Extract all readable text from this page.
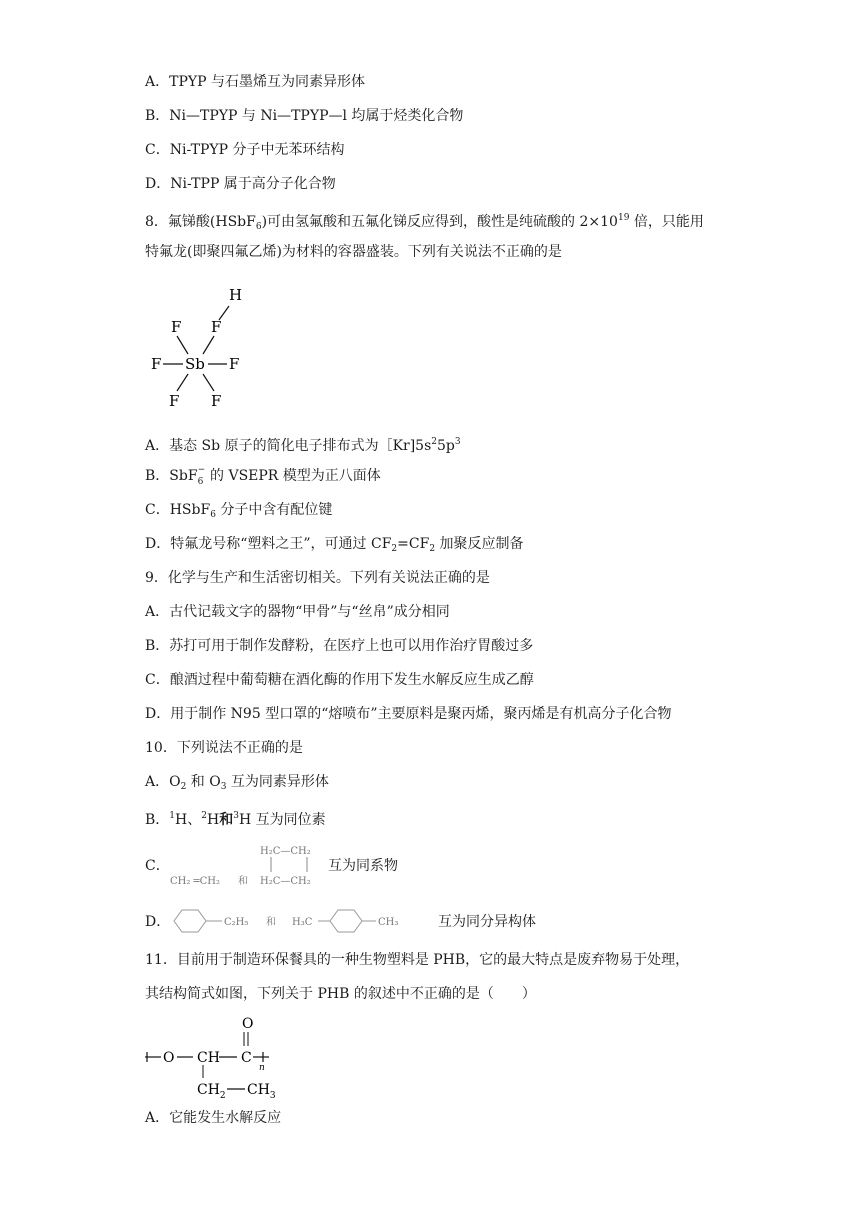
A．TPYP 与石墨烯互为同素异形体
B．Ni—TPYP 与 Ni—TPYP—l 均属于烃类化合物
C．Ni-TPYP 分子中无苯环结构
D．Ni-TPP 属于高分子化合物
8．氟锑酸(HSbF$_6$)可由氢氟酸和五氟化锑反应得到，酸性是纯硫酸的 $2\times 10^{19}$ 倍，只能用
特氟龙(即聚四氟乙烯)为材料的容器盛装。下列有关说法不正确的是
H
F F
F Sb F
F F
A．基态 Sb 原子的简化电子排布式为$[Kr]5s^25p^3$
B．SbF −
6 的 VSEPR 模型为正八面体
C．HSbF$_6$ 分子中含有配位键
D．特氟龙号称“塑料之王”，可通过 $CF_2=CF_2$ 加聚反应制备
9．化学与生产和生活密切相关。下列有关说法正确的是
A．古代记载文字的器物“甲骨”与“丝帛”成分相同
B．苏打可用于制作发酵粉，在医疗上也可以用作治疗胃酸过多
C．酿酒过程中葡萄糖在酒化酶的作用下发生水解反应生成乙醇
D．用于制作 N95 型口罩的“熔喷布”主要原料是聚丙烯，聚丙烯是有机高分子化合物
10．下列说法不正确的是
A．$O_2$ 和 $O_3$ 互为同素异形体
B．$^1$H、$^2$H和$^3$H 互为同位素
C．
CH₂ ═CH₂ 和
H₂C—CH₂
H₂C—CH₂
互为同系物
D．	C₂H₅ 和 H₃C	CH₃	互为同分异构体
11．目前用于制造环保餐具的一种生物塑料是 PHB，它的最大特点是废弃物易于处理，
其结构简式如图，下列关于 PHB 的叙述中不正确的是（　　）
O
O CH C
n
$CH_2$ $CH_3$
A．它能发生水解反应
